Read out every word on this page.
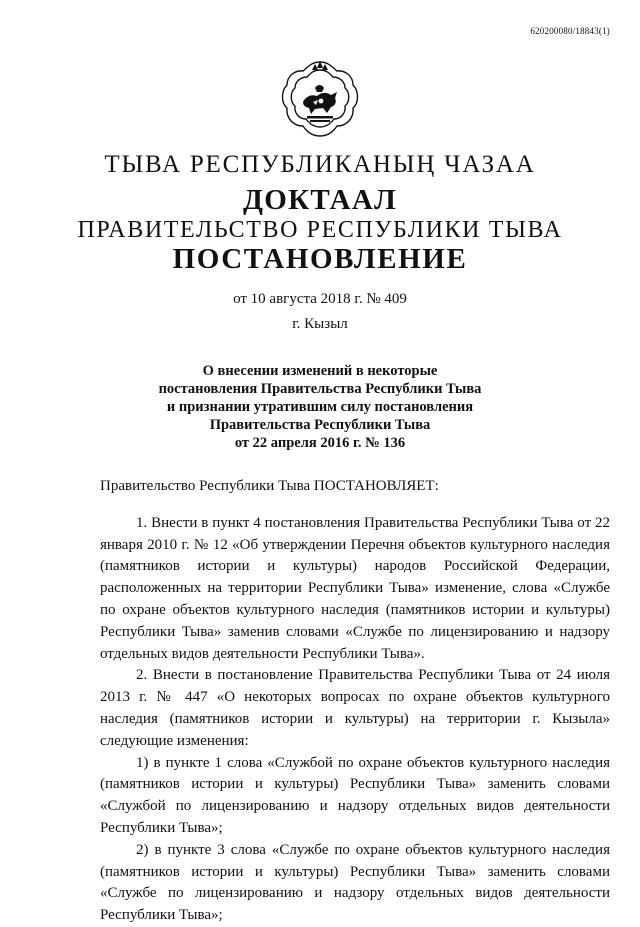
620200080/18843(1)
ТЫВА РЕСПУБЛИКАНЫҢ ЧАЗАА
ДОКТААЛ
ПРАВИТЕЛЬСТВО РЕСПУБЛИКИ ТЫВА
ПОСТАНОВЛЕНИЕ
от 10 августа 2018 г. № 409
г. Кызыл
О внесении изменений в некоторые
постановления Правительства Республики Тыва
и признании утратившим силу постановления
Правительства Республики Тыва
от 22 апреля 2016 г. № 136

Правительство Республики Тыва ПОСТАНОВЛЯЕТ:

1. Внести в пункт 4 постановления Правительства Республики Тыва от 22 января 2010 г. № 12 «Об утверждении Перечня объектов культурного наследия (памятников истории и культуры) народов Российской Федерации, расположенных на территории Республики Тыва» изменение, слова «Службе по охране объектов культурного наследия (памятников истории и культуры) Республики Тыва» заменив словами «Службе по лицензированию и надзору отдельных видов деятельности Республики Тыва».

2. Внести в постановление Правительства Республики Тыва от 24 июля 2013 г. № 447 «О некоторых вопросах по охране объектов культурного наследия (памятников истории и культуры) на территории г. Кызыла» следующие изменения:

1) в пункте 1 слова «Службой по охране объектов культурного наследия (памятников истории и культуры) Республики Тыва» заменить словами «Службой по лицензированию и надзору отдельных видов деятельности Республики Тыва»;

2) в пункте 3 слова «Службе по охране объектов культурного наследия (памятников истории и культуры) Республики Тыва» заменить словами «Службе по лицензированию и надзору отдельных видов деятельности Республики Тыва»;
